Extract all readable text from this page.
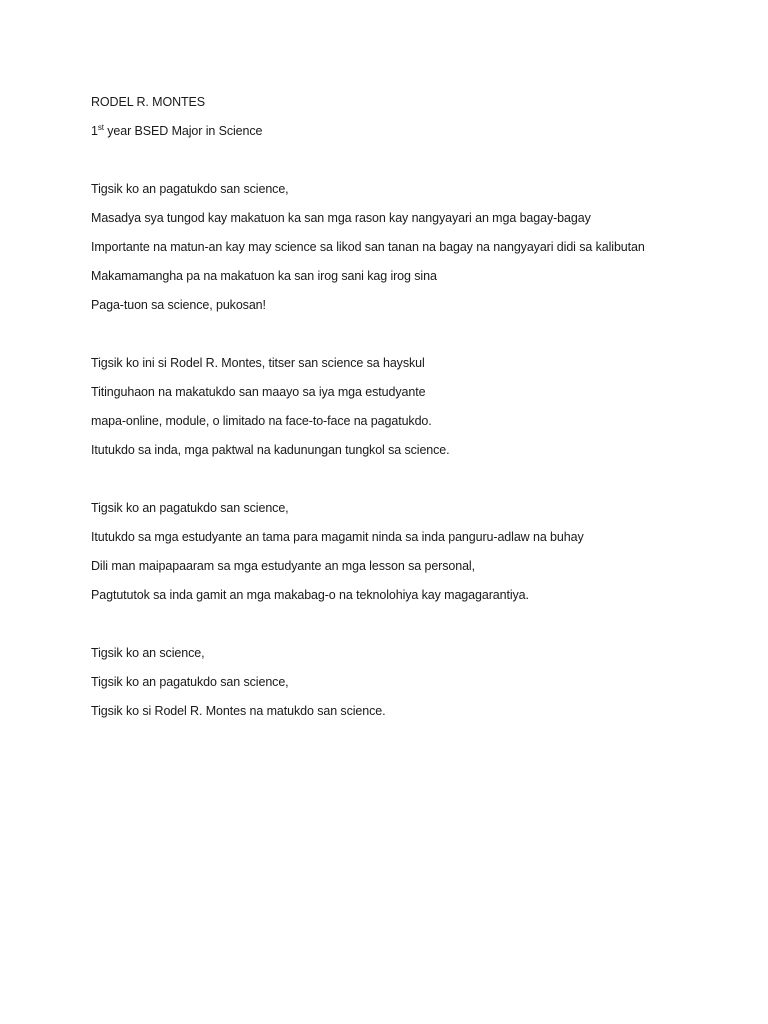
RODEL R. MONTES
1st year BSED Major in Science
Tigsik ko an pagatukdo san science,
Masadya sya tungod kay makatuon ka san mga rason kay nangyayari an mga bagay-bagay
Importante na matun-an kay may science sa likod san tanan na bagay na nangyayari didi sa kalibutan
Makamamangha pa na makatuon ka san irog sani kag irog sina
Paga-tuon sa science, pukosan!
Tigsik ko ini si Rodel R. Montes, titser san science sa hayskul
Titinguhaon na makatukdo san maayo sa iya mga estudyante
mapa-online, module, o limitado na face-to-face na pagatukdo.
Itutukdo sa inda, mga paktwal na kadunungan tungkol sa science.
Tigsik ko an pagatukdo san science,
Itutukdo sa mga estudyante an tama para magamit ninda sa inda panguru-adlaw na buhay
Dili man maipapaaram sa mga estudyante an mga lesson sa personal,
Pagtututok sa inda gamit an mga makabag-o na teknolohiya kay magagarantiya.
Tigsik ko an science,
Tigsik ko an pagatukdo san science,
Tigsik ko si Rodel R. Montes na matukdo san science.
